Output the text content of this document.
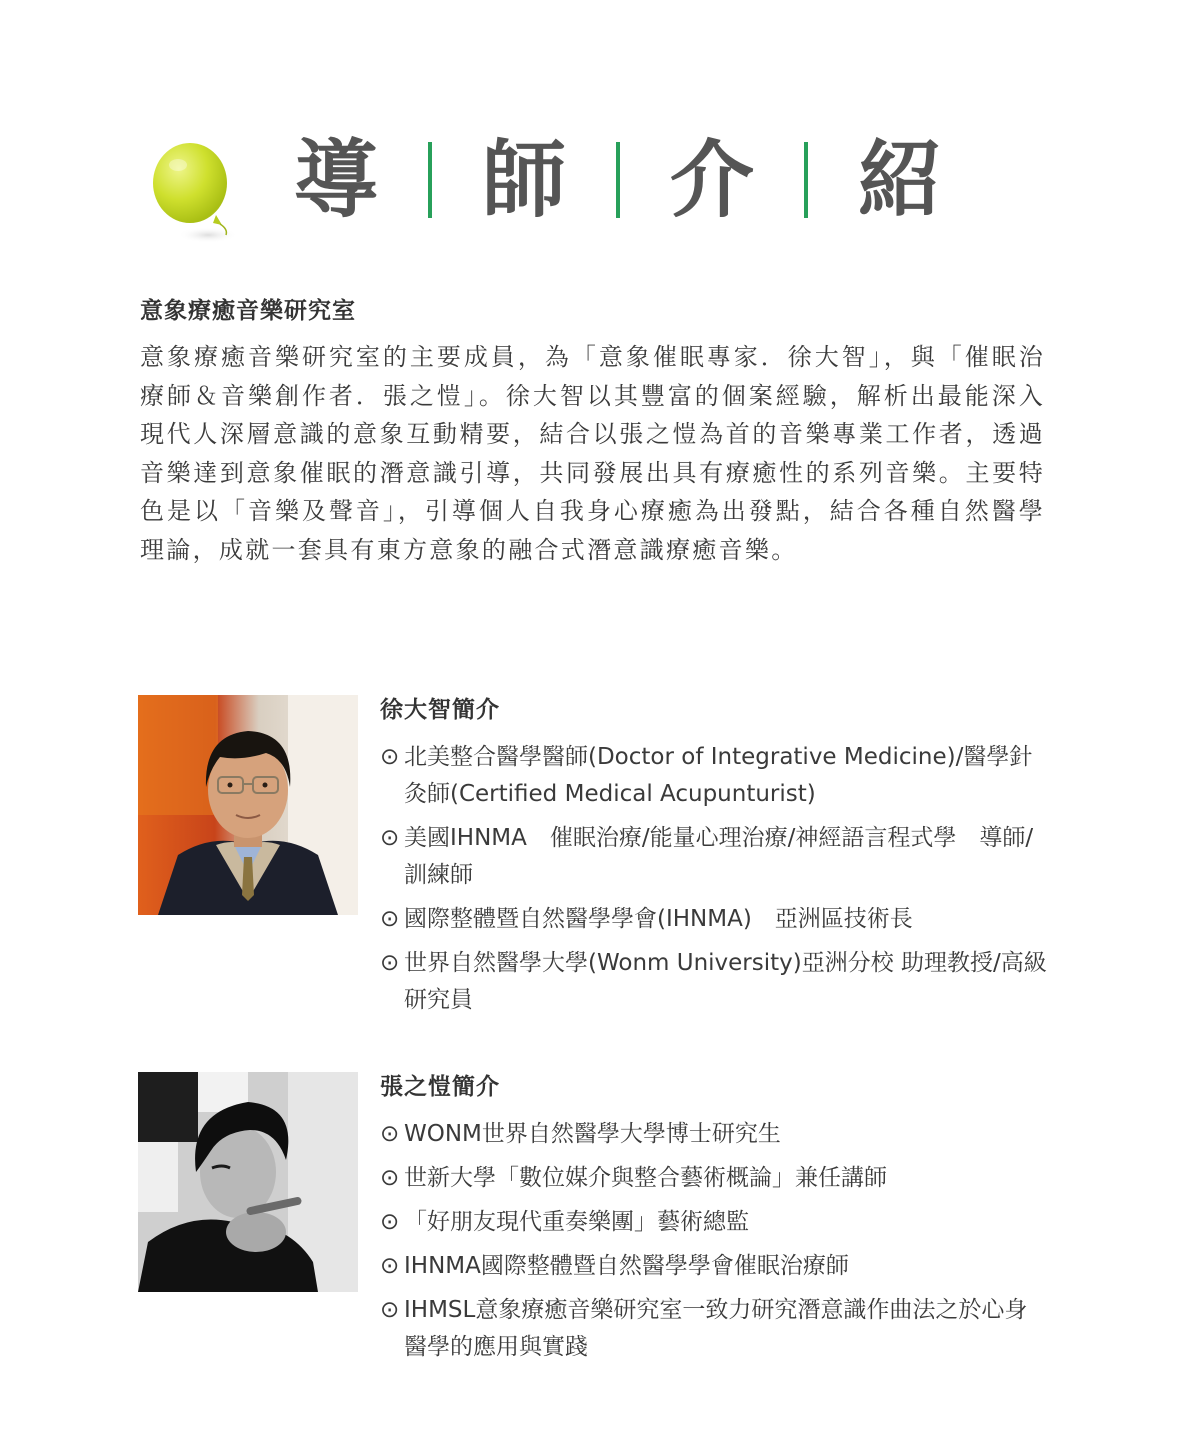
導 師 介 紹
意象療癒音樂研究室

意象療癒音樂研究室的主要成員，為「意象催眠專家．徐大智」，與「催眠治療師＆音樂創作者．張之愷」。徐大智以其豐富的個案經驗，解析出最能深入現代人深層意識的意象互動精要，結合以張之愷為首的音樂專業工作者，透過音樂達到意象催眠的潛意識引導，共同發展出具有療癒性的系列音樂。主要特色是以「音樂及聲音」，引導個人自我身心療癒為出發點，結合各種自然醫學理論，成就一套具有東方意象的融合式潛意識療癒音樂。

徐大智簡介
⊙ 北美整合醫學醫師(Doctor of Integrative Medicine)/醫學針灸師(Certified Medical Acupunturist)
⊙ 美國IHNMA　催眠治療/能量心理治療/神經語言程式學　導師/訓練師
⊙ 國際整體暨自然醫學學會(IHNMA)　亞洲區技術長
⊙ 世界自然醫學大學(Wonm University)亞洲分校 助理教授/高級研究員
張之愷簡介
⊙ WONM世界自然醫學大學博士研究生
⊙ 世新大學「數位媒介與整合藝術概論」兼任講師
⊙ 「好朋友現代重奏樂團」藝術總監
⊙ IHNMA國際整體暨自然醫學學會催眠治療師
⊙ IHMSL意象療癒音樂研究室一致力研究潛意識作曲法之於心身醫學的應用與實踐
